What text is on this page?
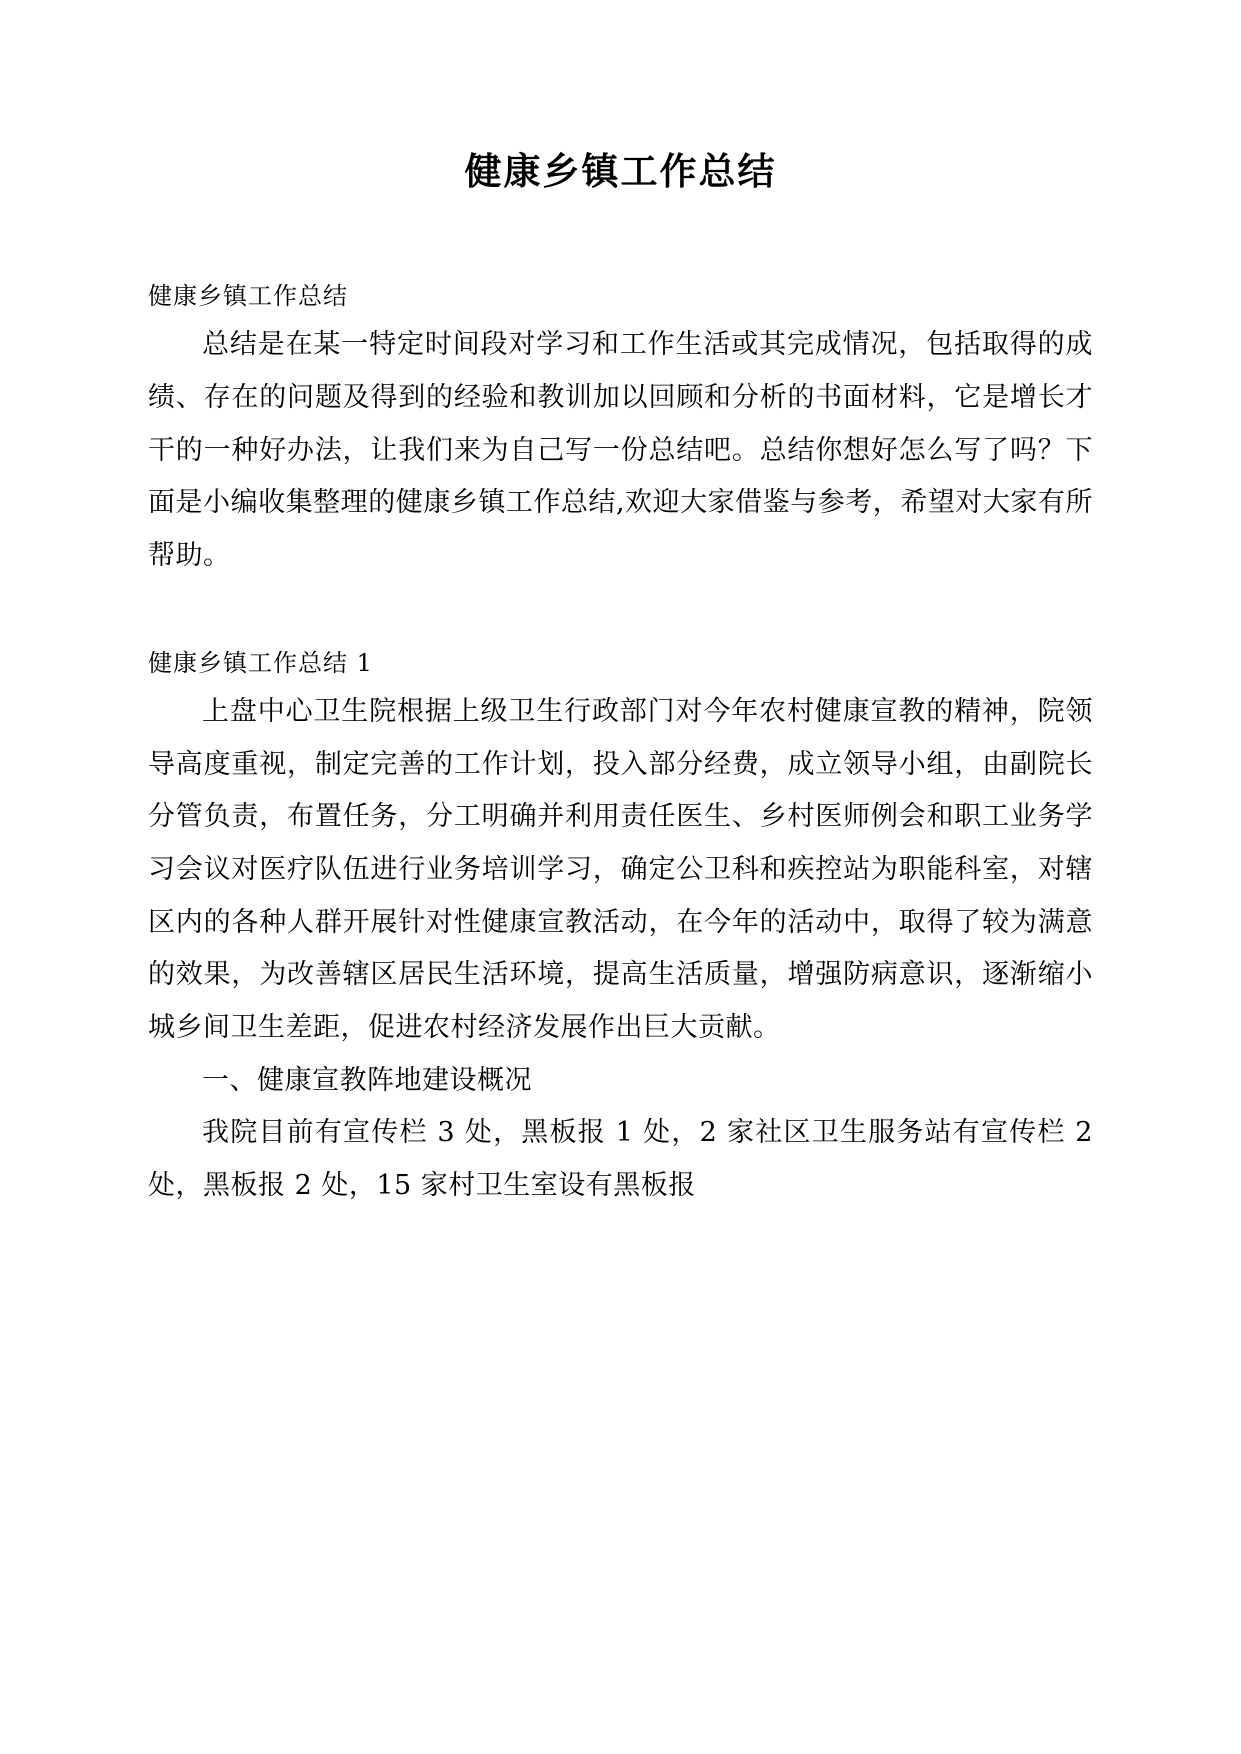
健康乡镇工作总结
健康乡镇工作总结

总结是在某一特定时间段对学习和工作生活或其完成情况，包括取得的成绩、存在的问题及得到的经验和教训加以回顾和分析的书面材料，它是增长才干的一种好办法，让我们来为自己写一份总结吧。总结你想好怎么写了吗？下面是小编收集整理的健康乡镇工作总结,欢迎大家借鉴与参考，希望对大家有所帮助。

健康乡镇工作总结 1

上盘中心卫生院根据上级卫生行政部门对今年农村健康宣教的精神，院领导高度重视，制定完善的工作计划，投入部分经费，成立领导小组，由副院长分管负责，布置任务，分工明确并利用责任医生、乡村医师例会和职工业务学习会议对医疗队伍进行业务培训学习，确定公卫科和疾控站为职能科室，对辖区内的各种人群开展针对性健康宣教活动，在今年的活动中，取得了较为满意的效果，为改善辖区居民生活环境，提高生活质量，增强防病意识，逐渐缩小城乡间卫生差距，促进农村经济发展作出巨大贡献。

一、健康宣教阵地建设概况

我院目前有宣传栏 3 处，黑板报 1 处，2 家社区卫生服务站有宣传栏 2 处，黑板报 2 处，15 家村卫生室设有黑板报
